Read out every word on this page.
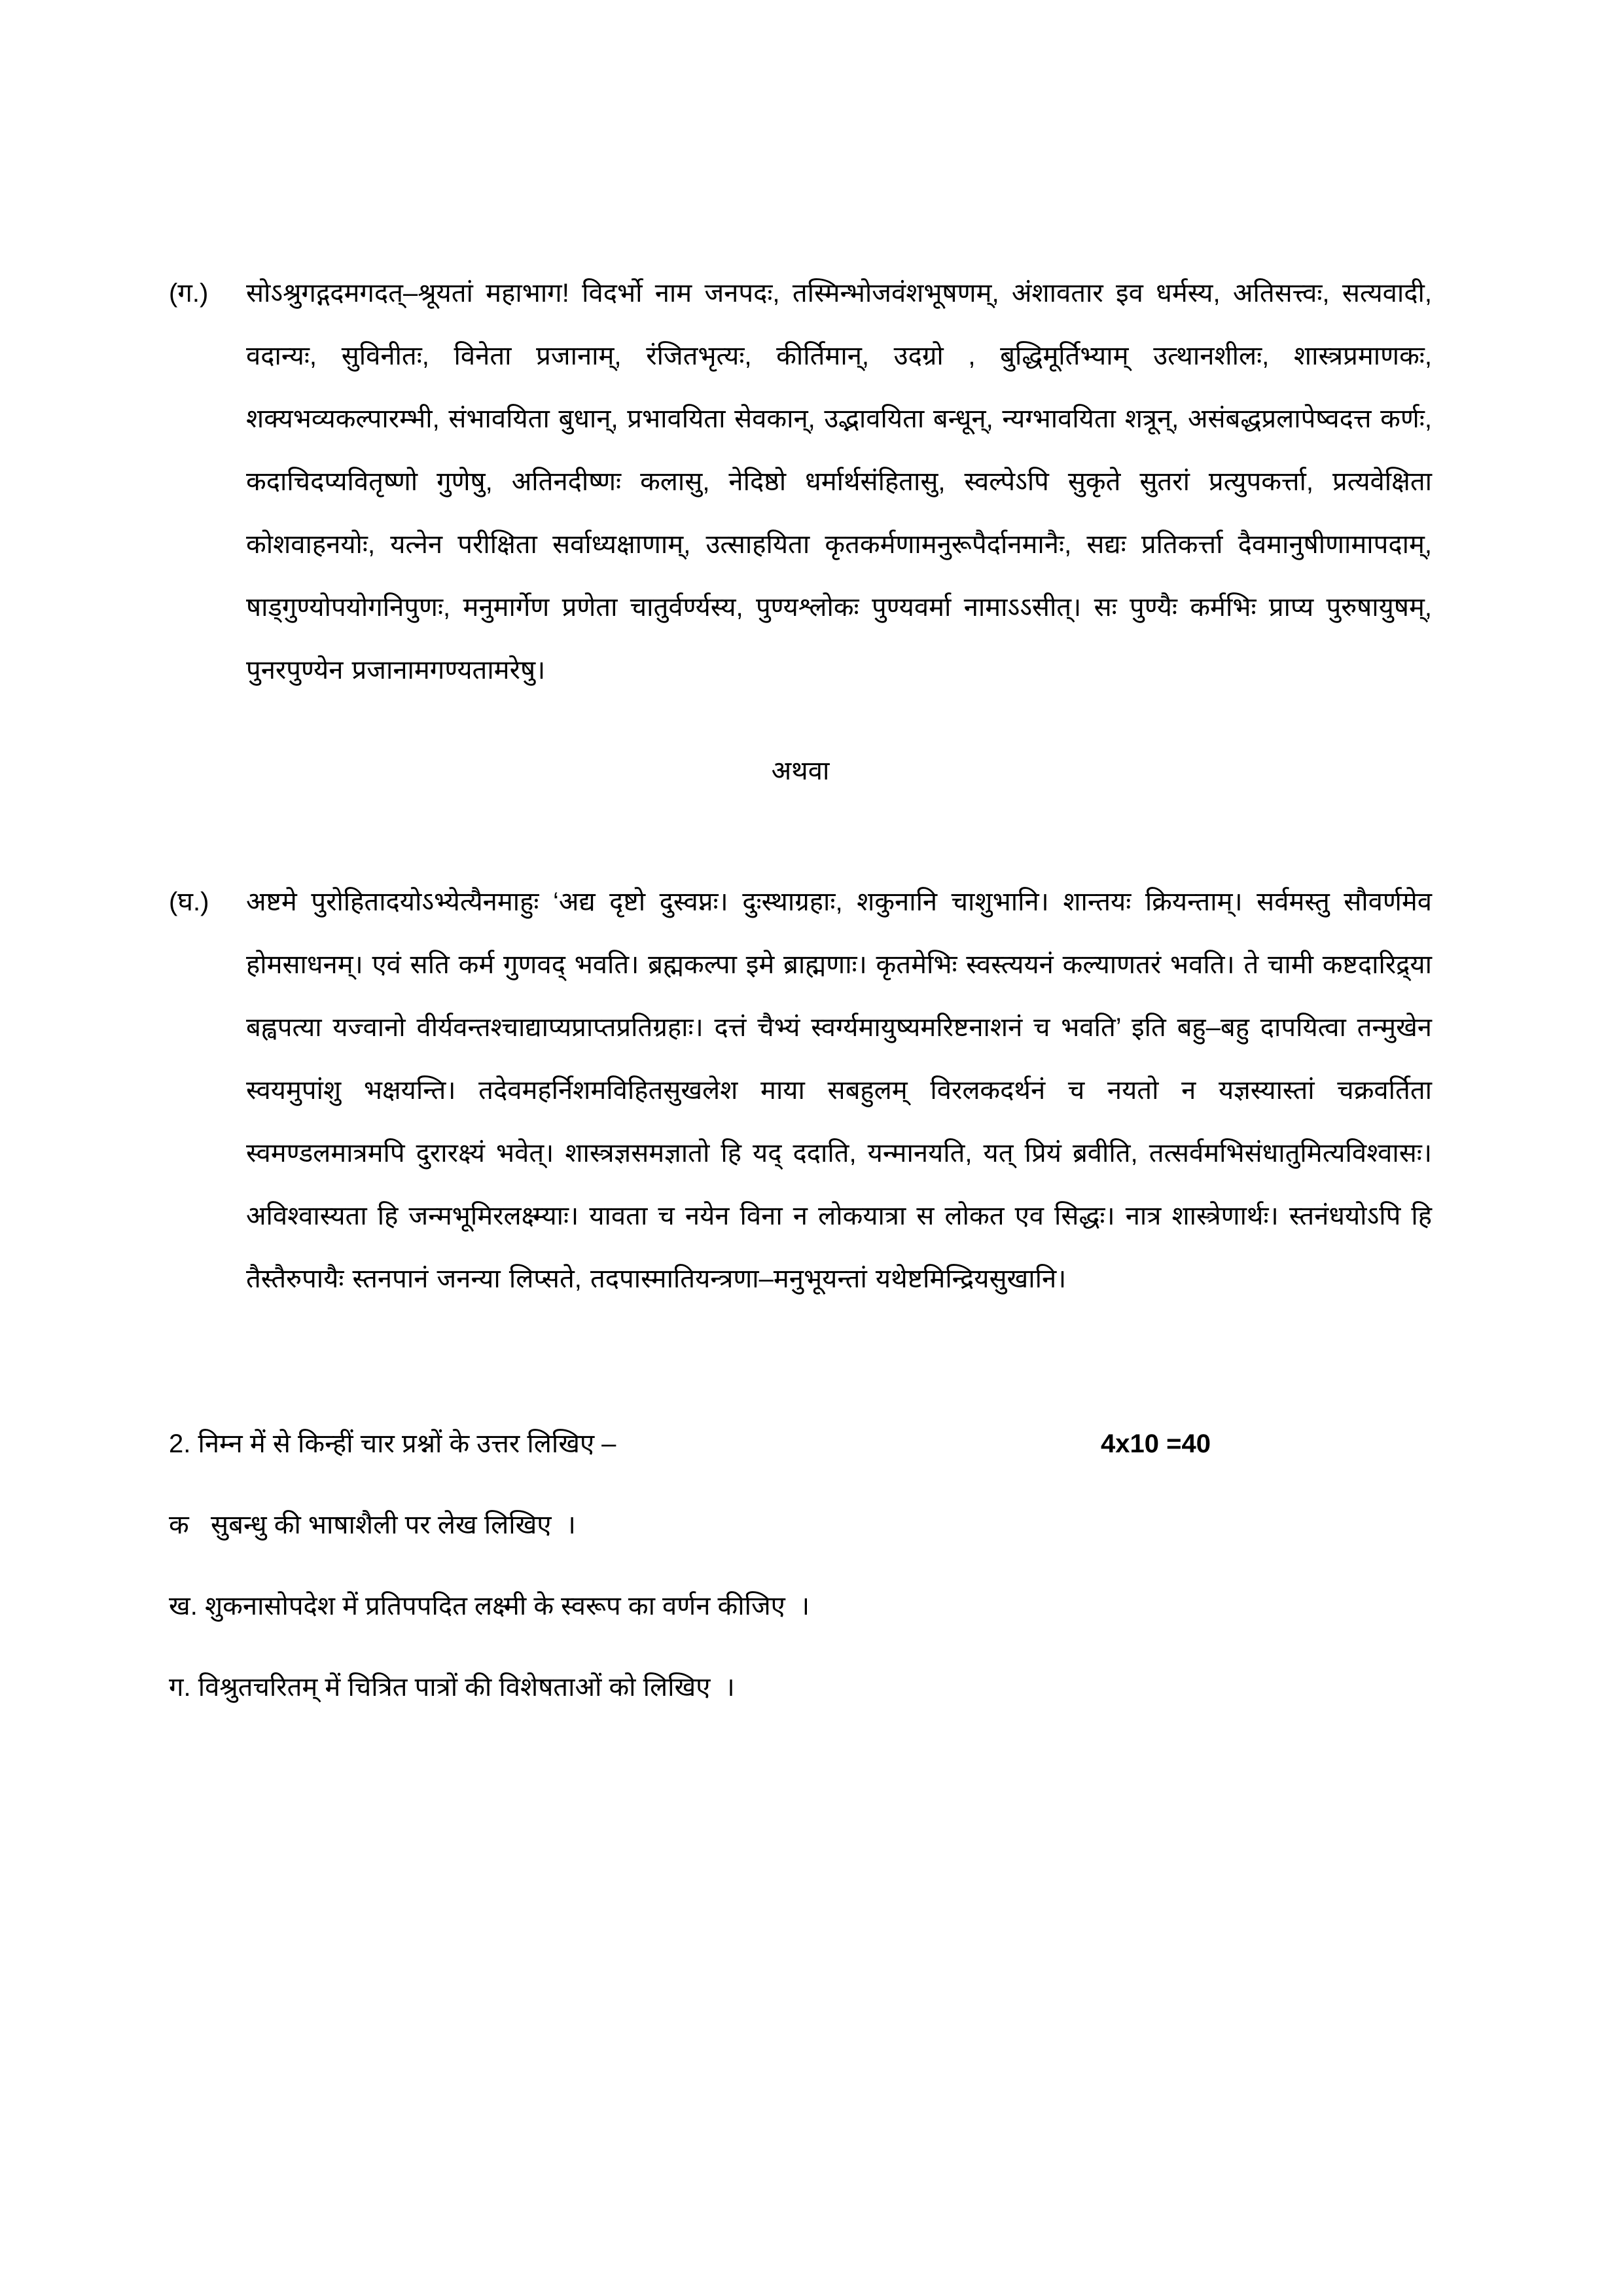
(ग.)	सोऽश्रुगद्गदमगदत्–श्रूयतां महाभाग! विदर्भो नाम जनपदः, तस्मिन्भोजवंशभूषणम्, अंशावतार इव धर्मस्य, अतिसत्त्वः, सत्यवादी, वदान्यः, सुविनीतः, विनेता प्रजानाम्, रंजितभृत्यः, कीर्तिमान्, उदग्रो , बुद्धिमूर्तिभ्याम् उत्थानशीलः, शास्त्रप्रमाणकः, शक्यभव्यकल्पारम्भी, संभावयिता बुधान्, प्रभावयिता सेवकान्, उद्भावयिता बन्धून्, न्यग्भावयिता शत्रून्, असंबद्धप्रलापेष्वदत्त कर्णः, कदाचिदप्यवितृष्णो गुणेषु, अतिनदीष्णः कलासु, नेदिष्ठो धर्मार्थसंहितासु, स्वल्पेऽपि सुकृते सुतरां प्रत्युपकर्त्ता, प्रत्यवेक्षिता कोशवाहनयोः, यत्नेन परीक्षिता सर्वाध्यक्षाणाम्, उत्साहयिता कृतकर्मणामनुरूपैर्दानमानैः, सद्यः प्रतिकर्त्ता दैवमानुषीणामापदाम्, षाड्गुण्योपयोगनिपुणः, मनुमार्गेण प्रणेता चातुर्वर्ण्यस्य, पुण्यश्लोकः पुण्यवर्मा नामाऽऽसीत्। सः पुण्यैः कर्मभिः प्राप्य पुरुषायुषम्, पुनरपुण्येन प्रजानामगण्यतामरेषु।
अथवा
(घ.)	अष्टमे पुरोहितादयोऽभ्येत्यैनमाहुः ‘अद्य दृष्टो दुस्वप्नः। दुःस्थाग्रहाः, शकुनानि चाशुभानि। शान्तयः क्रियन्ताम्। सर्वमस्तु सौवर्णमेव होमसाधनम्। एवं सति कर्म गुणवद् भवति। ब्रह्मकल्पा इमे ब्राह्मणाः। कृतमेभिः स्वस्त्ययनं कल्याणतरं भवति। ते चामी कष्टदारिद्र्या बह्वपत्या यज्वानो वीर्यवन्तश्चाद्याप्यप्राप्तप्रतिग्रहाः। दत्तं चैभ्यं स्वर्ग्यमायुष्यमरिष्टनाशनं च भवति’ इति बहु–बहु दापयित्वा तन्मुखेन स्वयमुपांशु भक्षयन्ति। तदेवमहर्निशमविहितसुखलेश माया सबहुलम् विरलकदर्थनं च नयतो न यज्ञस्यास्तां चक्रवर्तिता स्वमण्डलमात्रमपि दुरारक्ष्यं भवेत्। शास्त्रज्ञसमज्ञातो हि यद् ददाति, यन्मानयति, यत् प्रियं ब्रवीति, तत्सर्वमभिसंधातुमित्यविश्वासः। अविश्वास्यता हि जन्मभूमिरलक्ष्म्याः। यावता च नयेन विना न लोकयात्रा स लोकत एव सिद्धः। नात्र शास्त्रेणार्थः। स्तनंधयोऽपि हि तैस्तैरुपायैः स्तनपानं जनन्या लिप्सते, तदपास्मातियन्त्रणा–मनुभूयन्तां यथेष्टमिन्द्रियसुखानि।
2. निम्न में से किन्हीं चार प्रश्नों के उत्तर लिखिए –	4x10 =40
क   सुबन्धु की भाषाशैली पर लेख लिखिए  ।
ख. शुकनासोपदेश में प्रतिपपदित लक्ष्मी के स्वरूप का वर्णन कीजिए  ।
ग. विश्रुतचरितम् में चित्रित पात्रों की विशेषताओं को लिखिए  ।
